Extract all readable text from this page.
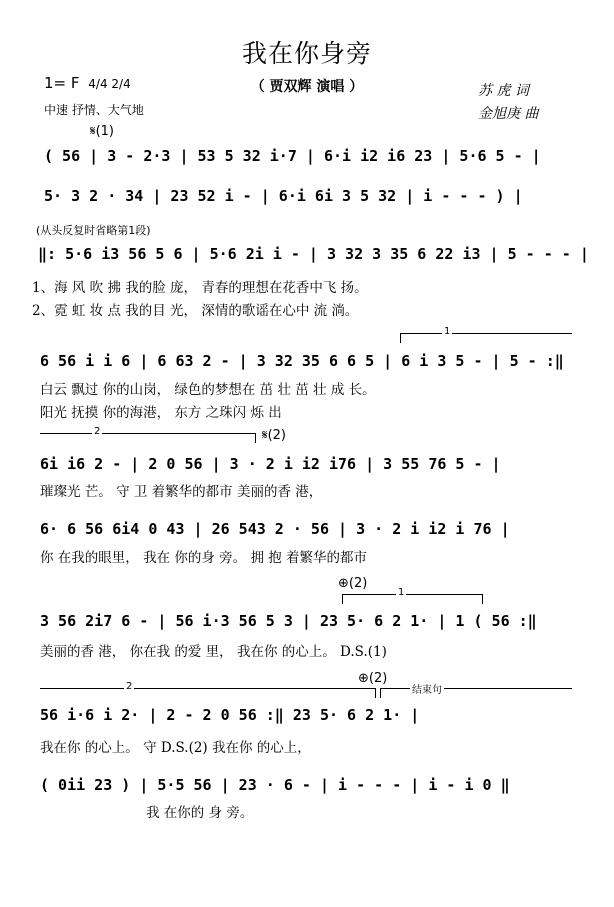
我在你身旁
（ 贾双辉 演唱 ）
1= F 4/4 2/4
中速 抒情、大气地
苏 虎 词
金旭庚 曲
𝄋(1)
( 56 | 3 - 2·3 | 53 5 32 i·7 | 6·i i2 i6 23 | 5·6 5 - |
5· 3 2 · 34 | 23 52 i - | 6·i 6i 3 5 32 | i - - - ) |
(从头反复时省略第1段)
‖: 5·6 i3 56 5 6 | 5·6 2i i - | 3 32 3 35 6 22 i3 | 5 - - - |
1、海 风 吹 拂 我的脸 庞， 青春的理想在花香中飞 扬。
2、霓 虹 妆 点 我的目 光， 深情的歌谣在心中 流 淌。
1
6 56 i i 6 | 6 63 2 - | 3 32 35 6 6 5 | 6 i 3 5 - | 5 - :‖
白云 飘过 你的山岗， 绿色的梦想在 茁 壮 茁 壮 成 长。
阳光 抚摸 你的海港， 东方 之珠闪 烁 出
2	𝄋(2)
6i i6 2 - | 2 0 56 | 3 · 2 i i2 i76 | 3 55 76 5 - |
璀璨光 芒。 守 卫 着繁华的都市 美丽的香 港，
6· 6 56 6i4 0 43 | 26 543 2 · 56 | 3 · 2 i i2 i 76 |
你 在我的眼里， 我在 你的身 旁。 拥 抱 着繁华的都市
⊕(2)
1
3 56 2i7 6 - | 56 i·3 56 5 3 | 23 5· 6 2 1· | 1 ( 56 :‖
美丽的香 港， 你在我 的爱 里， 我在你 的心上。 D.S.(1)
⊕(2)
2	结束句
56 i·6 i 2· | 2 - 2 0 56 :‖ 23 5· 6 2 1· |
我在你 的心上。 守 D.S.(2) 我在你 的心上，
( 0ii 23 ) | 5·5 56 | 23 · 6 - | i - - - | i - i 0 ‖
我 在你的 身 旁。
